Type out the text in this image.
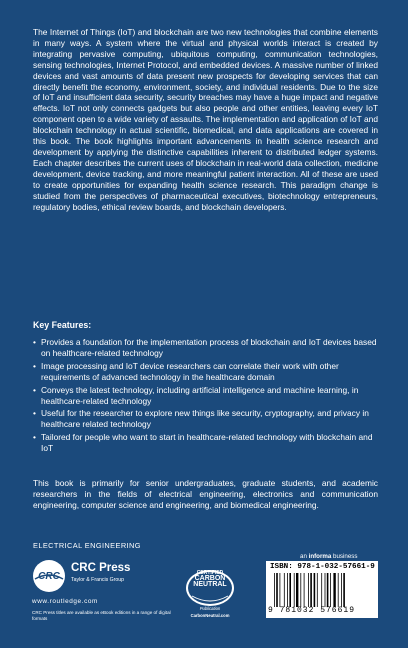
The Internet of Things (IoT) and blockchain are two new technologies that combine elements in many ways. A system where the virtual and physical worlds interact is created by integrating pervasive computing, ubiquitous computing, communication technologies, sensing technologies, Internet Protocol, and embedded devices. A massive number of linked devices and vast amounts of data present new prospects for developing services that can directly benefit the economy, environment, society, and individual residents. Due to the size of IoT and insufficient data security, security breaches may have a huge impact and negative effects. IoT not only connects gadgets but also people and other entities, leaving every IoT component open to a wide variety of assaults. The implementation and application of IoT and blockchain technology in actual scientific, biomedical, and data applications are covered in this book. The book highlights important advancements in health science research and development by applying the distinctive capabilities inherent to distributed ledger systems. Each chapter describes the current uses of blockchain in real-world data collection, medicine development, device tracking, and more meaningful patient interaction. All of these are used to create opportunities for expanding health science research. This paradigm change is studied from the perspectives of pharmaceutical executives, biotechnology entrepreneurs, regulatory bodies, ethical review boards, and blockchain developers.

Key Features:
• Provides a foundation for the implementation process of blockchain and IoT devices based on healthcare-related technology
• Image processing and IoT device researchers can correlate their work with other requirements of advanced technology in the healthcare domain
• Conveys the latest technology, including artificial intelligence and machine learning, in healthcare-related technology
• Useful for the researcher to explore new things like security, cryptography, and privacy in healthcare related technology
• Tailored for people who want to start in healthcare-related technology with blockchain and IoT

This book is primarily for senior undergraduates, graduate students, and academic researchers in the fields of electrical engineering, electronics and communication engineering, computer science and engineering, and biomedical engineering.

ELECTRICAL ENGINEERING
CRC
CRC Press
Taylor & Francis Group
www.routledge.com
CRC Press titles are available as eBook editions in a range of digital formats
CERTIFIED
CARBON
NEUTRAL
Publication
CarbonNeutral.com
an informa business
ISBN: 978-1-032-57661-9
9 781032 576619
